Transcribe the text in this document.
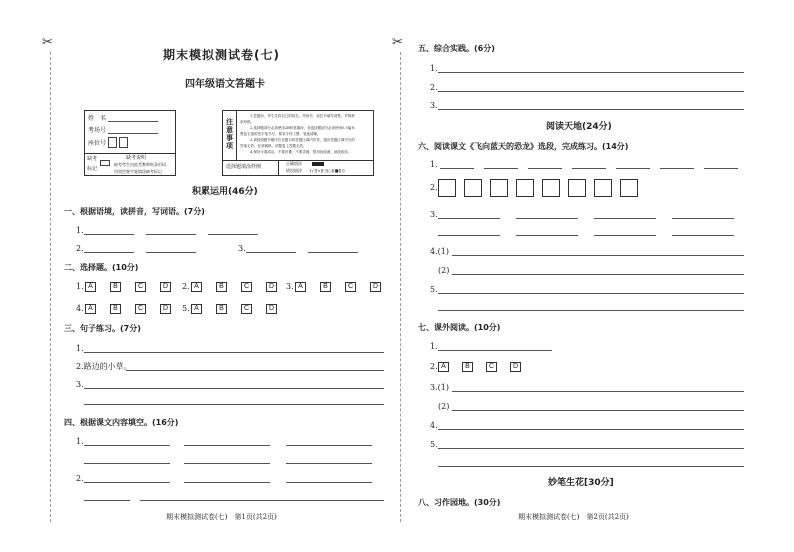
✂	✂
期末模拟测试卷(七)
四年级语文答题卡
姓　名
考场号
座位号
缺考
标记
缺考说明
缺考考生由监考教师贴条形码
用黑色签字笔填涂缺考标记
注意事项
1.答题前，考生先将自己的姓名、考场号、座位号填写清楚，并核准
条形码。
2.选择题部分必须使用2B铅笔填涂；非选择题部分必须使用0.5毫米
黑色字迹的签字笔书写，要求字体工整、笔迹清晰。
3.请按照题号顺序在各题目的答题区域内作答，超出答题区域书写的
答案无效；在草稿纸、试题卷上答题无效。
4.保持卡面清洁，不要折叠，不要弄破，禁用涂改液、涂改胶条。
选择题填涂样例
正确填涂
错误填涂 [√][×][-][○][■][/]
积累运用(46分)
一、根据语境，读拼音，写词语。(7分)
1.
2.	3.
二、选择题。(10分)
1. A	B	C	D	2. A	B	C	D	3. A	B	C	D
4. A	B	C	D	5. A	B	C	D
三、句子练习。(7分)
1.
2.路边的小草。
3.
四、根据课文内容填空。(16分)
1.
2.
期末模拟测试卷(七)　第1页(共2页)
五、综合实践。(6分)
1.
2.
3.
阅读天地(24分)
六、阅读课文《飞向蓝天的恐龙》选段，完成练习。(14分)
1.
2.
3.
4.(1)
(2)
5.
七、课外阅读。(10分)
1.
2. A	B	C	D
3.(1)
(2)
4.
5.
妙笔生花[30分]
八、习作园地。(30分)
期末模拟测试卷(七)　第2页(共2页)
